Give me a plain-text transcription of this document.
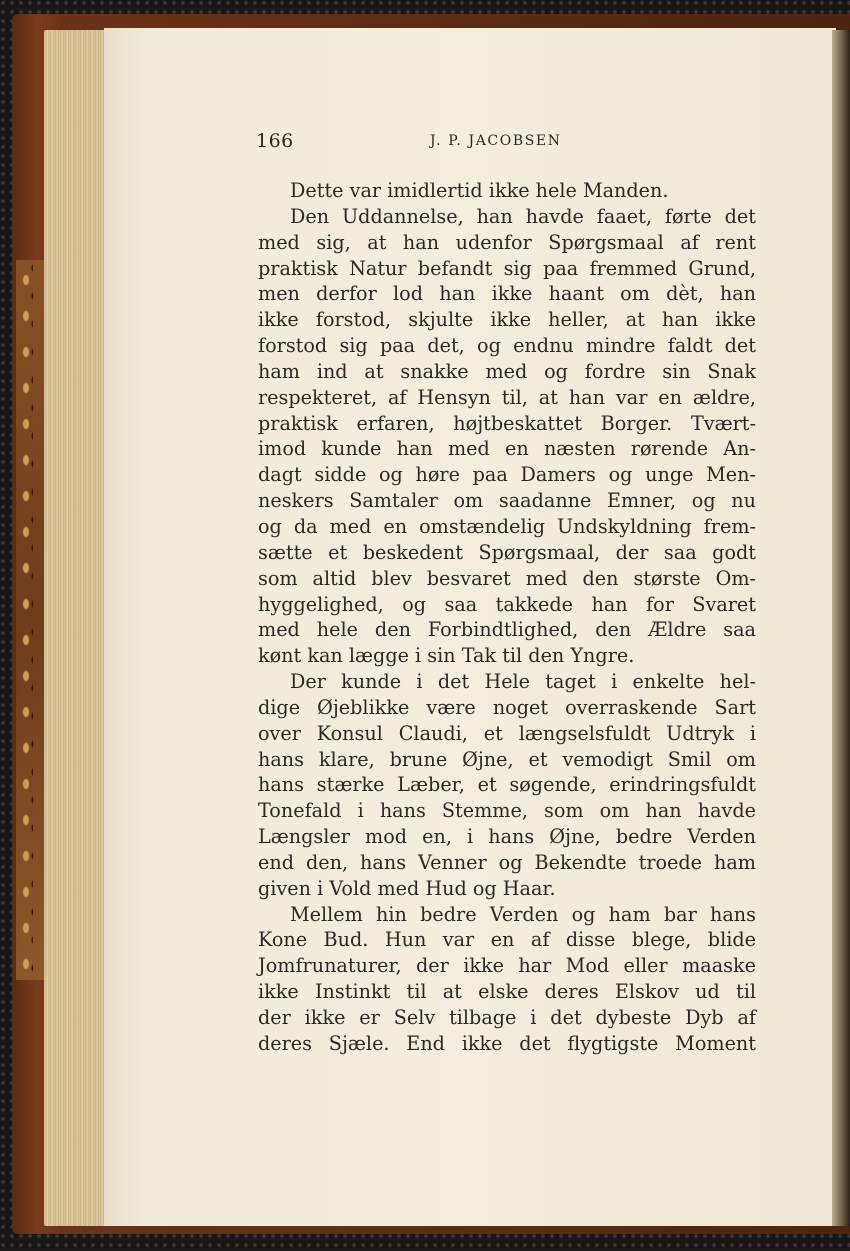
166	J. P. JACOBSEN
Dette var imidlertid ikke hele Manden.
Den Uddannelse, han havde faaet, førte det
med sig, at han udenfor Spørgsmaal af rent
praktisk Natur befandt sig paa fremmed Grund,
men derfor lod han ikke haant om dèt, han
ikke forstod, skjulte ikke heller, at han ikke
forstod sig paa det, og endnu mindre faldt det
ham ind at snakke med og fordre sin Snak
respekteret, af Hensyn til, at han var en ældre,
praktisk erfaren, højtbeskattet Borger. Tvært-
imod kunde han med en næsten rørende An-
dagt sidde og høre paa Damers og unge Men-
neskers Samtaler om saadanne Emner, og nu
og da med en omstændelig Undskyldning frem-
sætte et beskedent Spørgsmaal, der saa godt
som altid blev besvaret med den største Om-
hyggelighed, og saa takkede han for Svaret
med hele den Forbindtlighed, den Ældre saa
kønt kan lægge i sin Tak til den Yngre.
Der kunde i det Hele taget i enkelte hel-
dige Øjeblikke være noget overraskende Sart
over Konsul Claudi, et længselsfuldt Udtryk i
hans klare, brune Øjne, et vemodigt Smil om
hans stærke Læber, et søgende, erindringsfuldt
Tonefald i hans Stemme, som om han havde
Længsler mod en, i hans Øjne, bedre Verden
end den, hans Venner og Bekendte troede ham
given i Vold med Hud og Haar.
Mellem hin bedre Verden og ham bar hans
Kone Bud. Hun var en af disse blege, blide
Jomfrunaturer, der ikke har Mod eller maaske
ikke Instinkt til at elske deres Elskov ud til
der ikke er Selv tilbage i det dybeste Dyb af
deres Sjæle. End ikke det flygtigste Moment
